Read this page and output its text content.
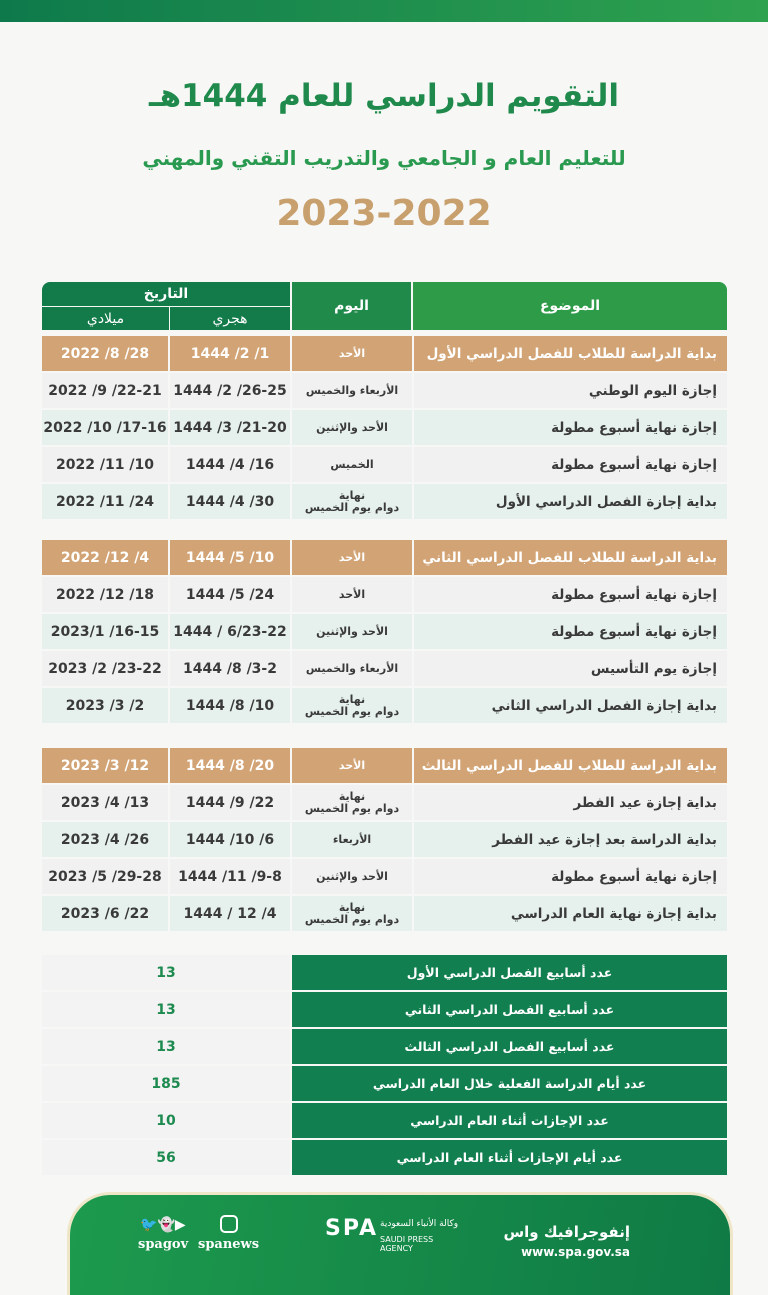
التقويم الدراسي للعام 1444هـ
للتعليم العام و الجامعي والتدريب التقني والمهني
2023-2022
الموضوع
اليوم
التاريخ
هجري
ميلادي
بداية الدراسة للطلاب للفصل الدراسي الأول
الأحد
1444 /2 /1
2022 /8 /28
إجازة اليوم الوطني
الأربعاء والخميس
1444 /2 /26-25
2022 /9 /22-21
إجازة نهاية أسبوع مطولة
الأحد والإثنين
1444 /3 /21-20
2022 /10 /17-16
إجازة نهاية أسبوع مطولة
الخميس
1444 /4 /16
2022 /11 /10
بداية إجازة الفصل الدراسي الأول
نهاية
دوام يوم الخميس
1444 /4 /30
2022 /11 /24
بداية الدراسة للطلاب للفصل الدراسي الثاني
الأحد
1444 /5 /10
2022 /12 /4
إجازة نهاية أسبوع مطولة
الأحد
1444 /5 /24
2022 /12 /18
إجازة نهاية أسبوع مطولة
الأحد والإثنين
1444 / 6/23-22
2023/1 /16-15
إجازة يوم التأسيس
الأربعاء والخميس
1444 /8 /3-2
2023 /2 /23-22
بداية إجازة الفصل الدراسي الثاني
نهاية
دوام يوم الخميس
1444 /8 /10
2023 /3 /2
بداية الدراسة للطلاب للفصل الدراسي الثالث
الأحد
1444 /8 /20
2023 /3 /12
بداية إجازة عيد الفطر
نهاية
دوام يوم الخميس
1444 /9 /22
2023 /4 /13
بداية الدراسة بعد إجازة عيد الفطر
الأربعاء
1444 /10 /6
2023 /4 /26
إجازة نهاية أسبوع مطولة
الأحد والإثنين
1444 /11 /9-8
2023 /5 /29-28
بداية إجازة نهاية العام الدراسي
نهاية
دوام يوم الخميس
1444 / 12 /4
2023 /6 /22
عدد أسابيع الفصل الدراسي الأول
13
عدد أسابيع الفصل الدراسي الثاني
13
عدد أسابيع الفصل الدراسي الثالث
13
عدد أيام الدراسة الفعلية خلال العام الدراسي
185
عدد الإجازات أثناء العام الدراسي
10
عدد أيام الإجازات أثناء العام الدراسي
56
إنفوجرافيك واس
www.spa.gov.sa
SPA وكالة الأنباء السعودية
SAUDI PRESS AGENCY
🐦👻▶
spagov spanews
